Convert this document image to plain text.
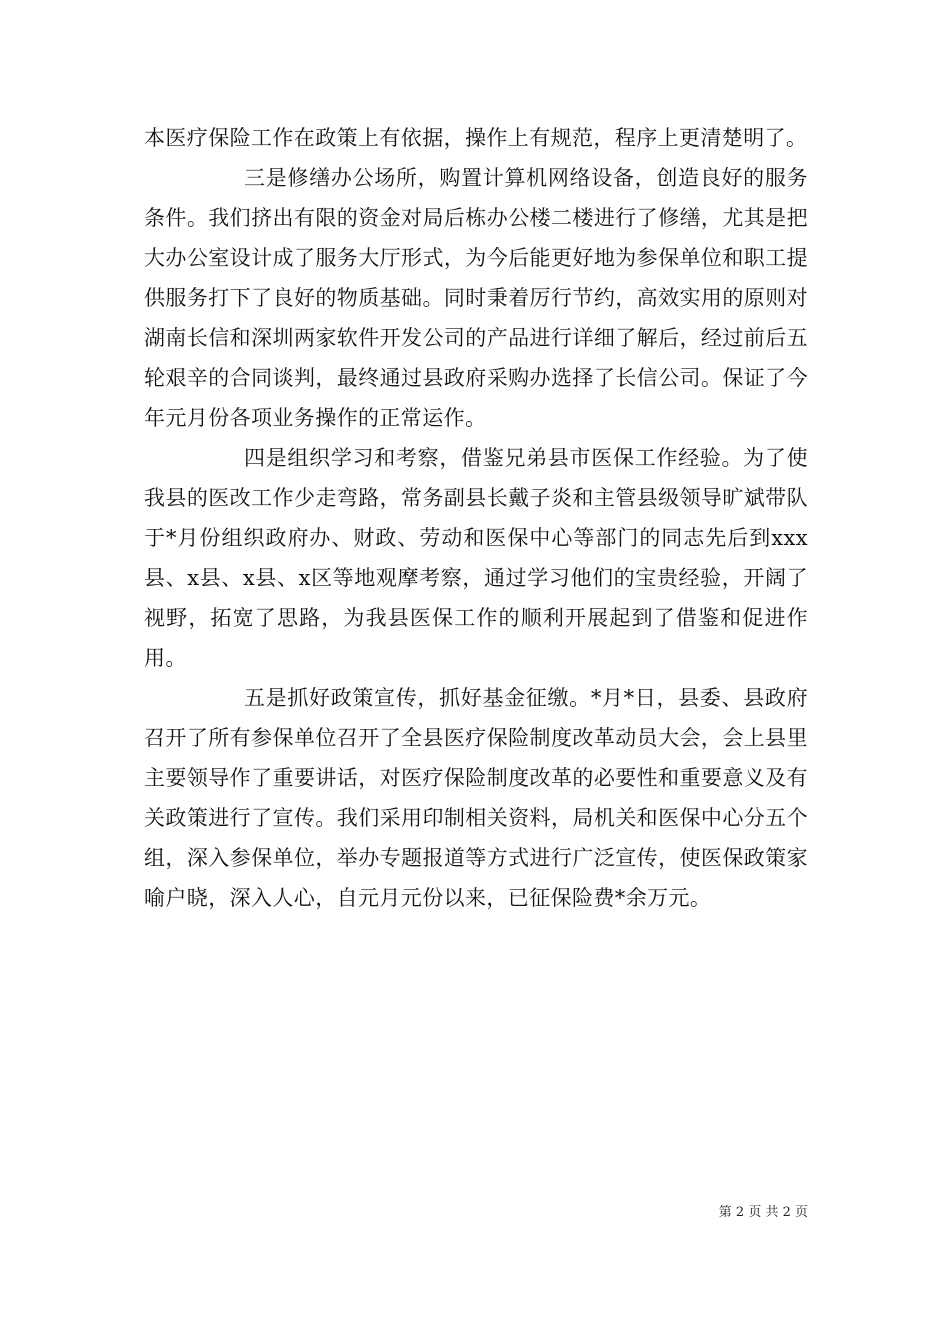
本医疗保险工作在政策上有依据，操作上有规范，程序上更清楚明了。

三是修缮办公场所，购置计算机网络设备，创造良好的服务条件。我们挤出有限的资金对局后栋办公楼二楼进行了修缮，尤其是把大办公室设计成了服务大厅形式，为今后能更好地为参保单位和职工提供服务打下了良好的物质基础。同时秉着厉行节约，高效实用的原则对湖南长信和深圳两家软件开发公司的产品进行详细了解后，经过前后五轮艰辛的合同谈判，最终通过县政府采购办选择了长信公司。保证了今年元月份各项业务操作的正常运作。

四是组织学习和考察，借鉴兄弟县市医保工作经验。为了使我县的医改工作少走弯路，常务副县长戴子炎和主管县级领导旷斌带队于*月份组织政府办、财政、劳动和医保中心等部门的同志先后到xxx县、x县、x县、x区等地观摩考察，通过学习他们的宝贵经验，开阔了视野，拓宽了思路，为我县医保工作的顺利开展起到了借鉴和促进作用。

五是抓好政策宣传，抓好基金征缴。*月*日，县委、县政府召开了所有参保单位召开了全县医疗保险制度改革动员大会，会上县里主要领导作了重要讲话，对医疗保险制度改革的必要性和重要意义及有关政策进行了宣传。我们采用印制相关资料，局机关和医保中心分五个组，深入参保单位，举办专题报道等方式进行广泛宣传，使医保政策家喻户晓，深入人心，自元月元份以来，已征保险费*余万元。

第 2 页 共 2 页
